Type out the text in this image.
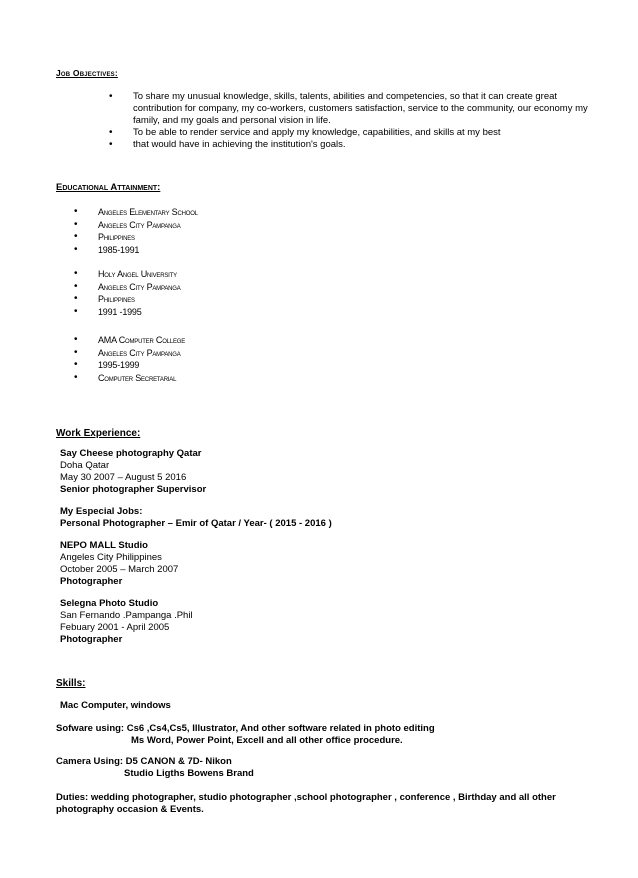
Job Objectives:
• To share my unusual knowledge, skills, talents, abilities and competencies, so that it can create great contribution for company, my co-workers, customers satisfaction, service to the community, our economy my family, and my goals and personal vision in life.
• To be able to render service and apply my knowledge, capabilities, and skills at my best
• that would have in achieving the institution's goals.
Educational Attainment:
• Angeles Elementary School
• Angeles City Pampanga
• Philippines
• 1985-1991
• Holy Angel University
• Angeles City Pampanga
• Philippines
• 1991 -1995
• AMA Computer College
• Angeles City Pampanga
• 1995-1999
• Computer Secretarial
Work Experience:
Say Cheese photography Qatar
Doha Qatar
May 30 2007 – August 5 2016
Senior photographer Supervisor
My Especial Jobs:
Personal Photographer – Emir of Qatar / Year- ( 2015 - 2016 )
NEPO MALL Studio
Angeles City Philippines
October 2005 – March 2007
Photographer
Selegna Photo Studio
San Fernando .Pampanga .Phil
Febuary 2001 - April 2005
Photographer
Skills:
Mac Computer, windows
Sofware using: Cs6 ,Cs4,Cs5, Illustrator, And other software related in photo editing
Ms Word, Power Point, Excell and all other office procedure.
Camera Using: D5 CANON & 7D- Nikon
Studio Ligths Bowens Brand
Duties: wedding photographer, studio photographer ,school photographer , conference , Birthday and all other
photography occasion & Events.
